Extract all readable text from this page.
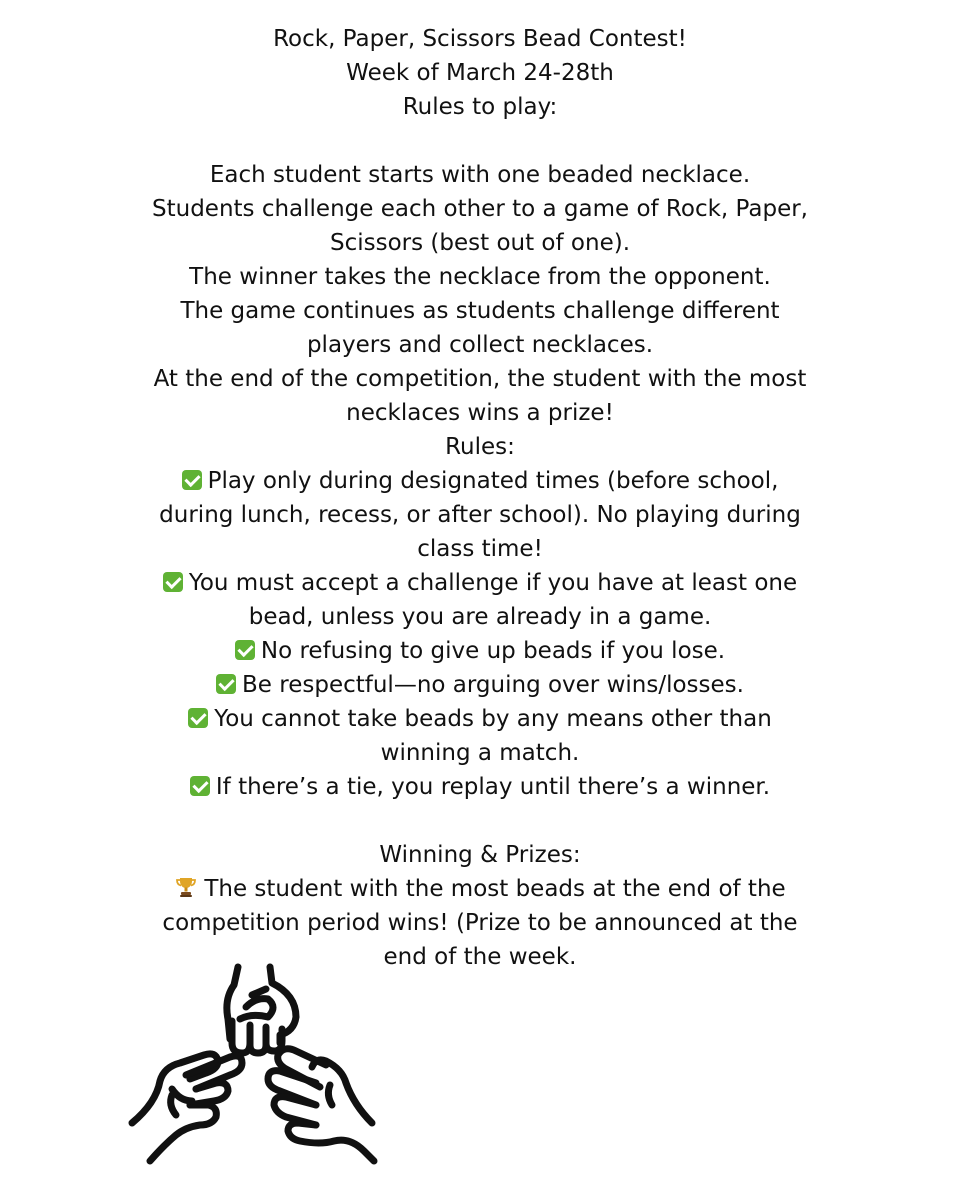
Rock, Paper, Scissors Bead Contest!
Week of March 24-28th
Rules to play:
Each student starts with one beaded necklace.
Students challenge each other to a game of Rock, Paper, Scissors (best out of one).
The winner takes the necklace from the opponent.
The game continues as students challenge different players and collect necklaces.
At the end of the competition, the student with the most necklaces wins a prize!
Rules:
Play only during designated times (before school, during lunch, recess, or after school). No playing during class time!
You must accept a challenge if you have at least one bead, unless you are already in a game.
No refusing to give up beads if you lose.
Be respectful—no arguing over wins/losses.
You cannot take beads by any means other than winning a match.
If there’s a tie, you replay until there’s a winner.
Winning & Prizes:
The student with the most beads at the end of the competition period wins! (Prize to be announced at the end of the week.
